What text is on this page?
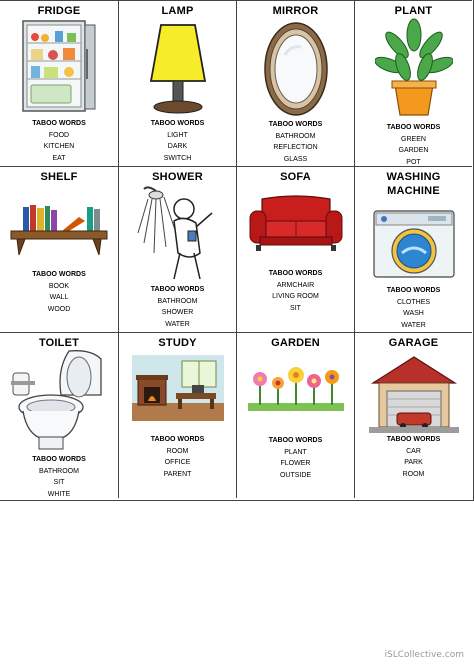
FRIDGE
TABOO WORDS
FOOD
KITCHEN
EAT
LAMP
TABOO WORDS
LIGHT
DARK
SWITCH
MIRROR
TABOO WORDS
BATHROOM
REFLECTION
GLASS
PLANT
TABOO WORDS
GREEN
GARDEN
POT
SHELF
TABOO WORDS
BOOK
WALL
WOOD
SHOWER
TABOO WORDS
BATHROOM
SHOWER
WATER
SOFA
TABOO WORDS
ARMCHAIR
LIVING ROOM
SIT
WASHING
MACHINE
TABOO WORDS
CLOTHES
WASH
WATER
TOILET
TABOO WORDS
BATHROOM
SIT
WHITE
STUDY
TABOO WORDS
ROOM
OFFICE
PARENT
GARDEN
TABOO WORDS
PLANT
FLOWER
OUTSIDE
GARAGE
TABOO WORDS
CAR
PARK
ROOM
iSLCollective.com
